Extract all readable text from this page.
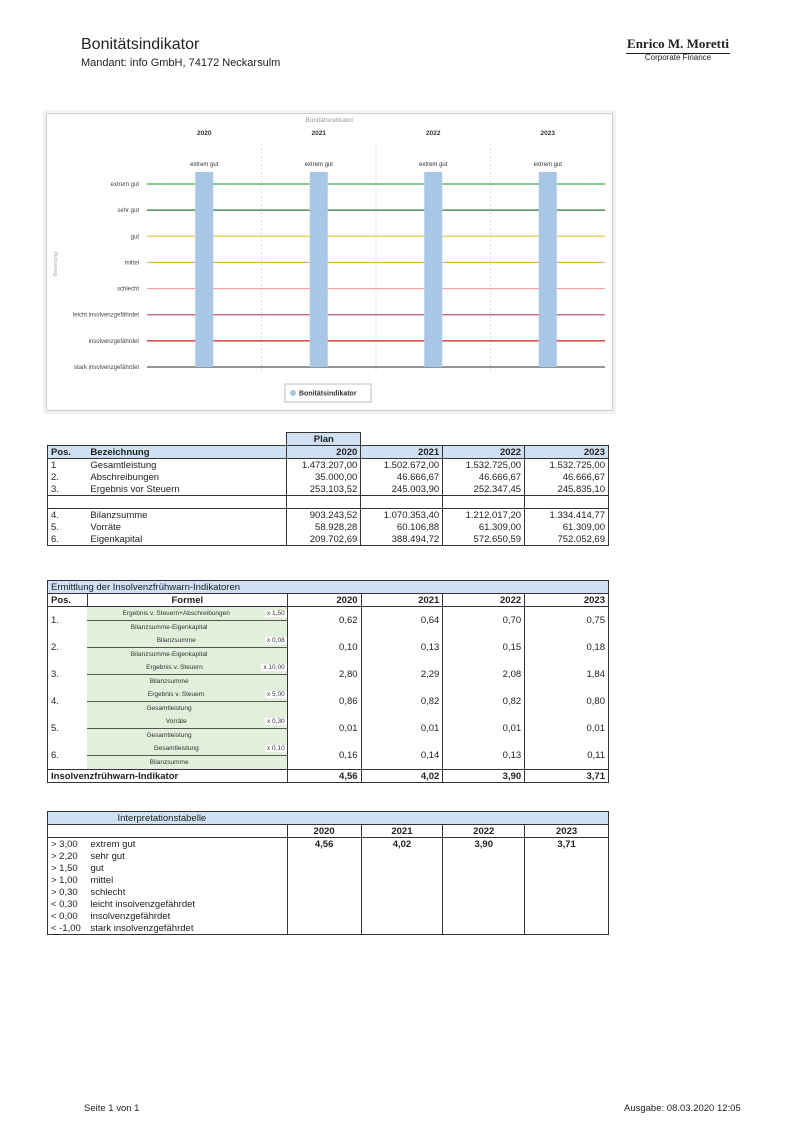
Bonitätsindikator
Mandant: info GmbH, 74172 Neckarsulm
Enrico M. Moretti
Corporate Finance
Bonitätsindikator
Bewertung
extrem gut
sehr gut
gut
mittel
schlecht
leicht insolvenzgefährdet
insolvenzgefährdet
stark insolvenzgefährdet
2020
extrem gut
2021
extrem gut
2022
extrem gut
2023
extrem gut
Bonitätsindikator
		Plan			
Pos.	Bezeichnung	2020	2021	2022	2023
1	Gesamtleistung	1.473.207,00	1.502.672,00	1.532.725,00	1.532.725,00
2.	Abschreibungen	35.000,00	46.666,67	46.666,67	46.666,67
3.	Ergebnis vor Steuern	253.103,52	245.003,90	252.347,45	245.835,10

4.	Bilanzsumme	903.243,52	1.070.353,40	1.212.017,20	1.334.414,77
5.	Vorräte	58.928,28	60.106,88	61.309,00	61.309,00
6.	Eigenkapital	209.702,69	388.494,72	572.650,59	752.052,69
Ermittlung der Insolvenzfrühwarn-Indikatoren					
Pos.	Formel	2020	2021	2022	2023
1.	Ergebnis v. Steuern+Abschreibungen x 1,50	0,62	0,64	0,70	0,75
	Bilanzsumme-Eigenkapital				
2.	Bilanzsumme x 0,08	0,10	0,13	0,15	0,18
	Bilanzsumme-Eigenkapital				
3.	Ergebnis v. Steuern x 10,00	2,80	2,29	2,08	1,84
	Bilanzsumme				
4.	Ergebnis v. Steuern x 5,00	0,86	0,82	0,82	0,80
	Gesamtleistung				
5.	Vorräte x 0,30	0,01	0,01	0,01	0,01
	Gesamtleistung				
6.	Gesamtleistung x 0,10	0,16	0,14	0,13	0,11
	Bilanzsumme				
Insolvenzfrühwarn-Indikator		4,56	4,02	3,90	3,71
	Interpretationstabelle				
		2020	2021	2022	2023
> 3,00	extrem gut	4,56	4,02	3,90	3,71
> 2,20	sehr gut				
> 1,50	gut				
> 1,00	mittel				
> 0,30	schlecht				
< 0,30	leicht insolvenzgefährdet				
< 0,00	insolvenzgefährdet				
< -1,00	stark insolvenzgefährdet				
Seite 1 von 1	Ausgabe: 08.03.2020 12:05
